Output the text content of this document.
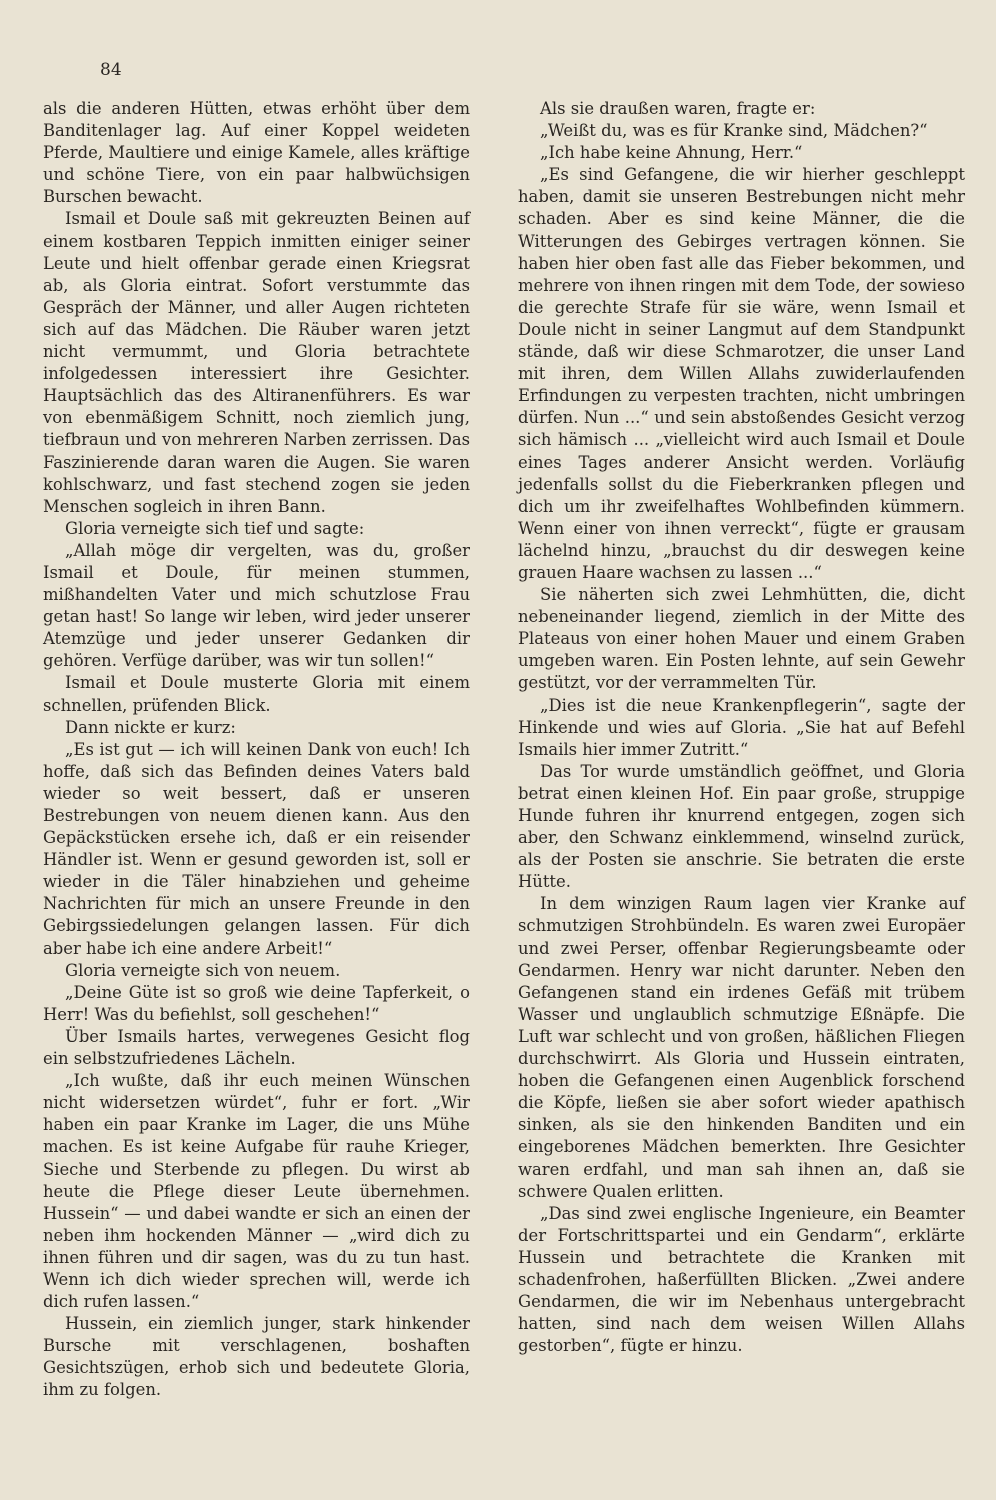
84

als die anderen Hütten, etwas erhöht über dem Banditenlager lag. Auf einer Koppel weideten Pferde, Maultiere und einige Kamele, alles kräftige und schöne Tiere, von ein paar halbwüchsigen Burschen bewacht.

Ismail et Doule saß mit gekreuzten Beinen auf einem kostbaren Teppich inmitten einiger seiner Leute und hielt offenbar gerade einen Kriegsrat ab, als Gloria eintrat. Sofort verstummte das Gespräch der Männer, und aller Augen richteten sich auf das Mädchen. Die Räuber waren jetzt nicht vermummt, und Gloria betrachtete infolgedessen interessiert ihre Gesichter. Hauptsächlich das des Altiranenführers. Es war von ebenmäßigem Schnitt, noch ziemlich jung, tiefbraun und von mehreren Narben zerrissen. Das Faszinierende daran waren die Augen. Sie waren kohlschwarz, und fast stechend zogen sie jeden Menschen sogleich in ihren Bann.

Gloria verneigte sich tief und sagte:

„Allah möge dir vergelten, was du, großer Ismail et Doule, für meinen stummen, mißhandelten Vater und mich schutzlose Frau getan hast! So lange wir leben, wird jeder unserer Atemzüge und jeder unserer Gedanken dir gehören. Verfüge darüber, was wir tun sollen!“

Ismail et Doule musterte Gloria mit einem schnellen, prüfenden Blick.

Dann nickte er kurz:

„Es ist gut — ich will keinen Dank von euch! Ich hoffe, daß sich das Befinden deines Vaters bald wieder so weit bessert, daß er unseren Bestrebungen von neuem dienen kann. Aus den Gepäckstücken ersehe ich, daß er ein reisender Händler ist. Wenn er gesund geworden ist, soll er wieder in die Täler hinabziehen und geheime Nachrichten für mich an unsere Freunde in den Gebirgssiedelungen gelangen lassen. Für dich aber habe ich eine andere Arbeit!“

Gloria verneigte sich von neuem.

„Deine Güte ist so groß wie deine Tapferkeit, o Herr! Was du befiehlst, soll geschehen!“

Über Ismails hartes, verwegenes Gesicht flog ein selbstzufriedenes Lächeln.

„Ich wußte, daß ihr euch meinen Wünschen nicht widersetzen würdet“, fuhr er fort. „Wir haben ein paar Kranke im Lager, die uns Mühe machen. Es ist keine Aufgabe für rauhe Krieger, Sieche und Sterbende zu pflegen. Du wirst ab heute die Pflege dieser Leute übernehmen. Hussein“ — und dabei wandte er sich an einen der neben ihm hockenden Männer — „wird dich zu ihnen führen und dir sagen, was du zu tun hast. Wenn ich dich wieder sprechen will, werde ich dich rufen lassen.“

Hussein, ein ziemlich junger, stark hinkender Bursche mit verschlagenen, boshaften Gesichtszügen, erhob sich und bedeutete Gloria, ihm zu folgen.

Als sie draußen waren, fragte er:

„Weißt du, was es für Kranke sind, Mädchen?“

„Ich habe keine Ahnung, Herr.“

„Es sind Gefangene, die wir hierher geschleppt haben, damit sie unseren Bestrebungen nicht mehr schaden. Aber es sind keine Männer, die die Witterungen des Gebirges vertragen können. Sie haben hier oben fast alle das Fieber bekommen, und mehrere von ihnen ringen mit dem Tode, der sowieso die gerechte Strafe für sie wäre, wenn Ismail et Doule nicht in seiner Langmut auf dem Standpunkt stände, daß wir diese Schmarotzer, die unser Land mit ihren, dem Willen Allahs zuwiderlaufenden Erfindungen zu verpesten trachten, nicht umbringen dürfen. Nun ...“ und sein abstoßendes Gesicht verzog sich hämisch ... „vielleicht wird auch Ismail et Doule eines Tages anderer Ansicht werden. Vorläufig jedenfalls sollst du die Fieberkranken pflegen und dich um ihr zweifelhaftes Wohlbefinden kümmern. Wenn einer von ihnen verreckt“, fügte er grausam lächelnd hinzu, „brauchst du dir deswegen keine grauen Haare wachsen zu lassen ...“

Sie näherten sich zwei Lehmhütten, die, dicht nebeneinander liegend, ziemlich in der Mitte des Plateaus von einer hohen Mauer und einem Graben umgeben waren. Ein Posten lehnte, auf sein Gewehr gestützt, vor der verrammelten Tür.

„Dies ist die neue Krankenpflegerin“, sagte der Hinkende und wies auf Gloria. „Sie hat auf Befehl Ismails hier immer Zutritt.“

Das Tor wurde umständlich geöffnet, und Gloria betrat einen kleinen Hof. Ein paar große, struppige Hunde fuhren ihr knurrend entgegen, zogen sich aber, den Schwanz einklemmend, winselnd zurück, als der Posten sie anschrie. Sie betraten die erste Hütte.

In dem winzigen Raum lagen vier Kranke auf schmutzigen Strohbündeln. Es waren zwei Europäer und zwei Perser, offenbar Regierungsbeamte oder Gendarmen. Henry war nicht darunter. Neben den Gefangenen stand ein irdenes Gefäß mit trübem Wasser und unglaublich schmutzige Eßnäpfe. Die Luft war schlecht und von großen, häßlichen Fliegen durchschwirrt. Als Gloria und Hussein eintraten, hoben die Gefangenen einen Augenblick forschend die Köpfe, ließen sie aber sofort wieder apathisch sinken, als sie den hinkenden Banditen und ein eingeborenes Mädchen bemerkten. Ihre Gesichter waren erdfahl, und man sah ihnen an, daß sie schwere Qualen erlitten.

„Das sind zwei englische Ingenieure, ein Beamter der Fortschrittspartei und ein Gendarm“, erklärte Hussein und betrachtete die Kranken mit schadenfrohen, haßerfüllten Blicken. „Zwei andere Gendarmen, die wir im Nebenhaus untergebracht hatten, sind nach dem weisen Willen Allahs gestorben“, fügte er hinzu.
